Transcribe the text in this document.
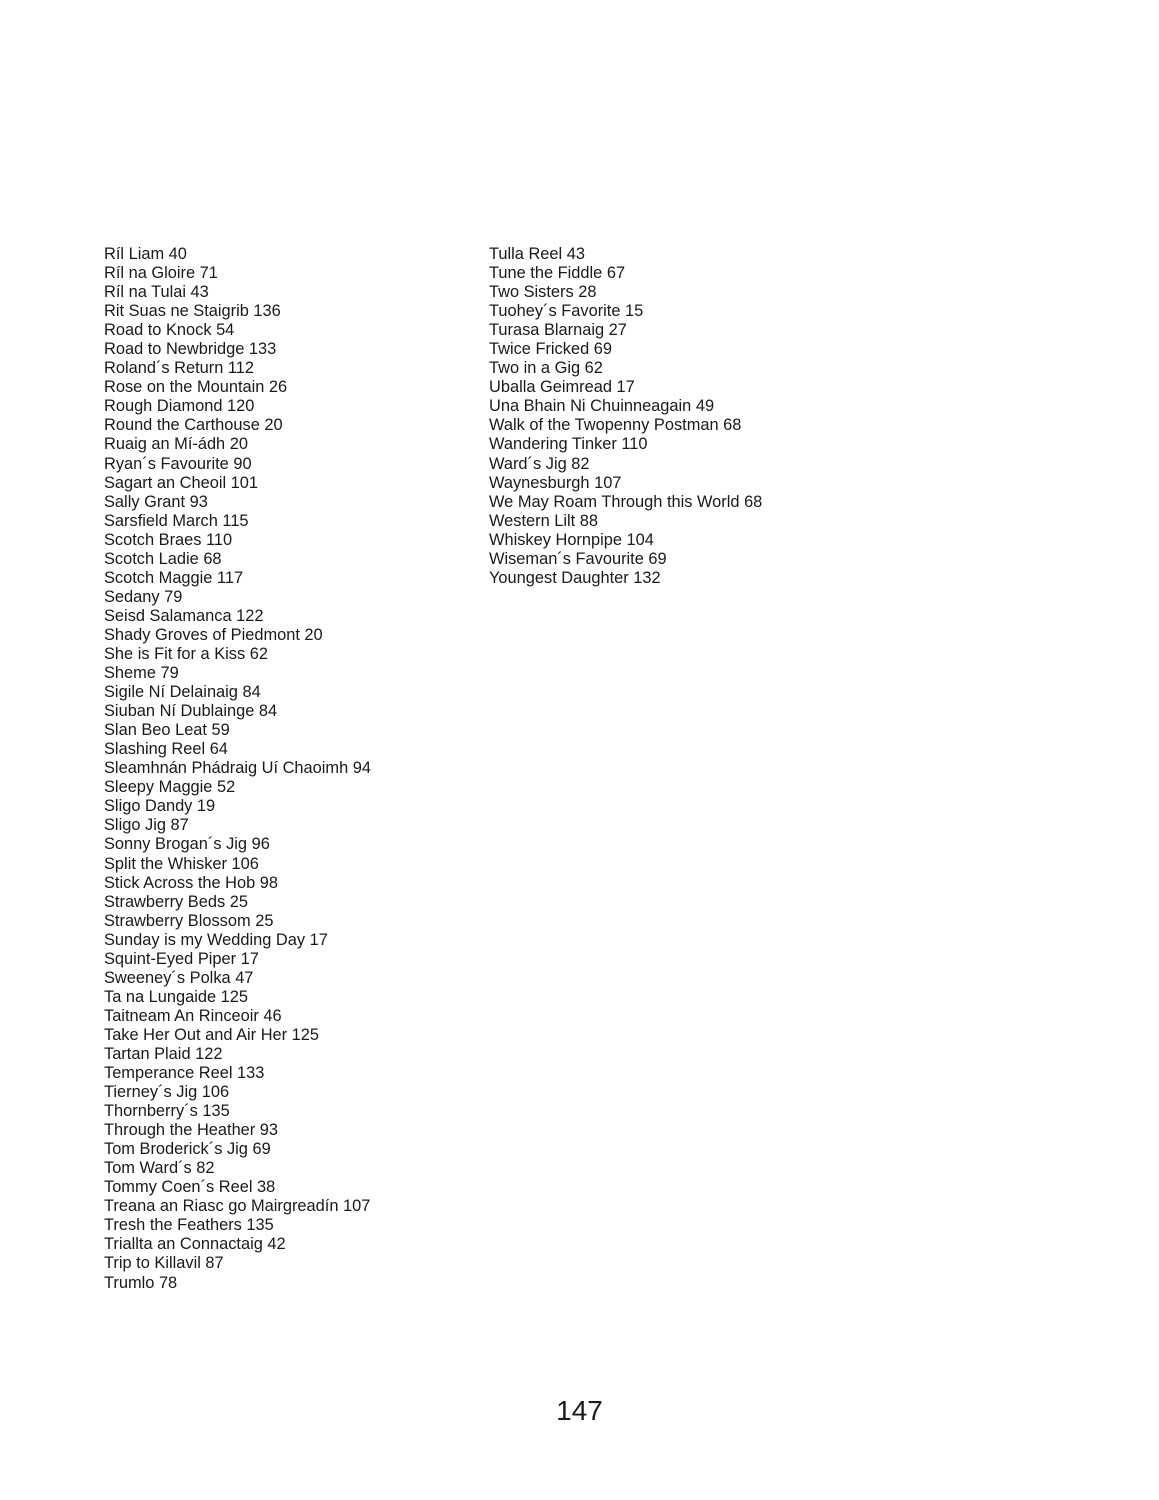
Ríl Liam 40
Ríl na Gloire 71
Ríl na Tulai 43
Rit Suas ne Staigrib 136
Road to Knock 54
Road to Newbridge 133
Roland´s Return 112
Rose on the Mountain 26
Rough Diamond 120
Round the Carthouse 20
Ruaig an Mí-ádh 20
Ryan´s Favourite 90
Sagart an Cheoil 101
Sally Grant 93
Sarsfield March 115
Scotch Braes 110
Scotch Ladie 68
Scotch Maggie 117
Sedany 79
Seisd Salamanca 122
Shady Groves of Piedmont 20
She is Fit for a Kiss 62
Sheme 79
Sigile Ní Delainaig 84
Siuban Ní Dublainge 84
Slan Beo Leat 59
Slashing Reel 64
Sleamhnán Phádraig Uí Chaoimh 94
Sleepy Maggie 52
Sligo Dandy 19
Sligo Jig 87
Sonny Brogan´s Jig 96
Split the Whisker 106
Stick Across the Hob 98
Strawberry Beds 25
Strawberry Blossom 25
Sunday is my Wedding Day 17
Squint-Eyed Piper 17
Sweeney´s Polka 47
Ta na Lungaide 125
Taitneam An Rinceoir 46
Take Her Out and Air Her 125
Tartan Plaid 122
Temperance Reel 133
Tierney´s Jig 106
Thornberry´s 135
Through the Heather 93
Tom Broderick´s Jig 69
Tom Ward´s 82
Tommy Coen´s Reel 38
Treana an Riasc go Mairgreadín 107
Tresh the Feathers 135
Triallta an Connactaig 42
Trip to Killavil 87
Trumlo 78
Tulla Reel 43
Tune the Fiddle 67
Two Sisters 28
Tuohey´s Favorite 15
Turasa Blarnaig 27
Twice Fricked 69
Two in a Gig 62
Uballa Geimread 17
Una Bhain Ni Chuinneagain 49
Walk of the Twopenny Postman 68
Wandering Tinker 110
Ward´s Jig 82
Waynesburgh 107
We May Roam Through this World 68
Western Lilt 88
Whiskey Hornpipe 104
Wiseman´s Favourite 69
Youngest Daughter 132
147
